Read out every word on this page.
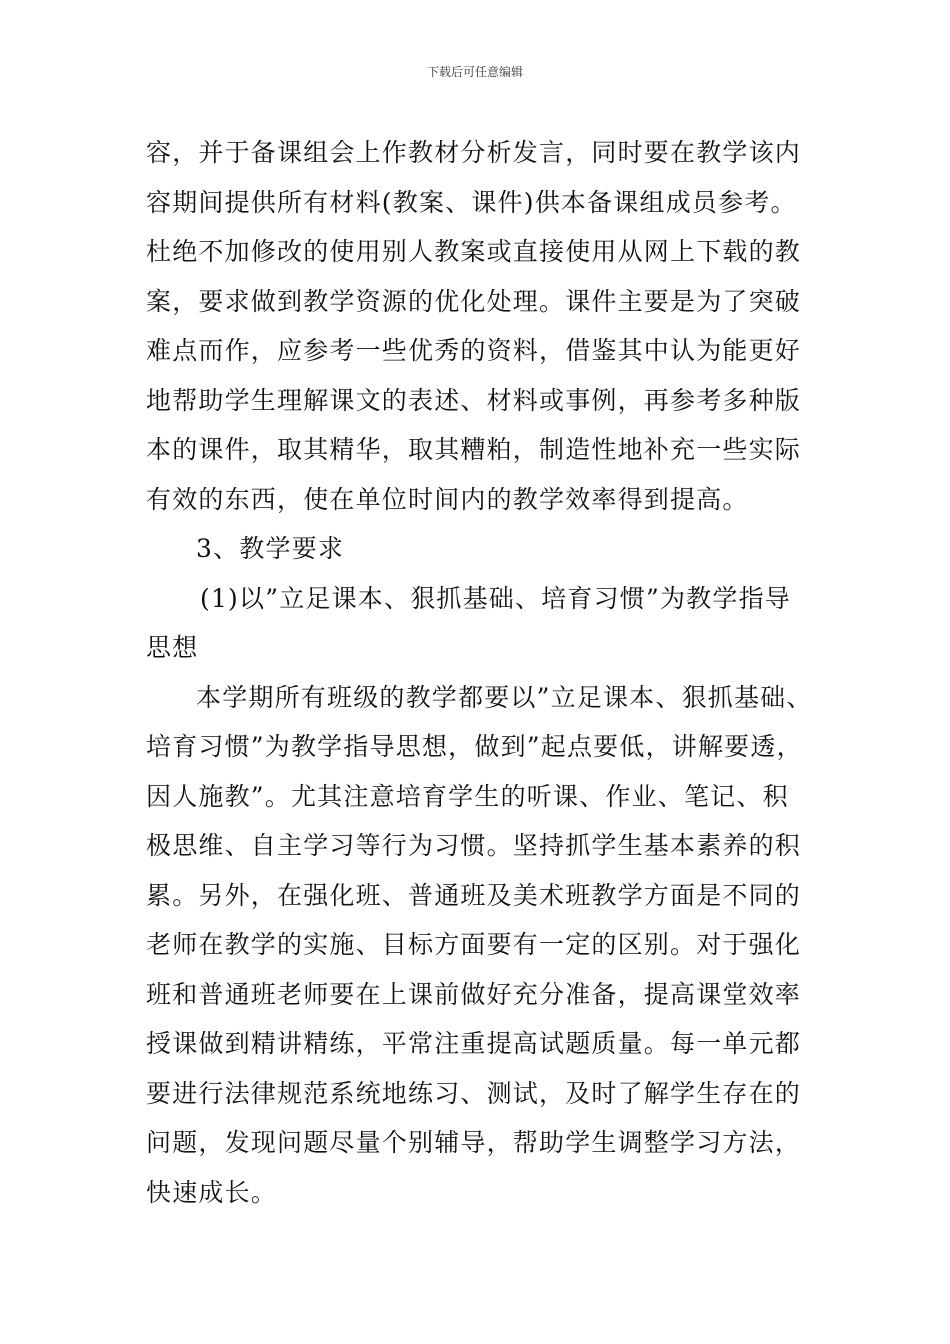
下载后可任意编辑
容，并于备课组会上作教材分析发言，同时要在教学该内
容期间提供所有材料(教案、课件)供本备课组成员参考。
杜绝不加修改的使用别人教案或直接使用从网上下载的教
案，要求做到教学资源的优化处理。课件主要是为了突破
难点而作，应参考一些优秀的资料，借鉴其中认为能更好
地帮助学生理解课文的表述、材料或事例，再参考多种版
本的课件，取其精华，取其糟粕，制造性地补充一些实际
有效的东西，使在单位时间内的教学效率得到提高。
3、教学要求
(1)以”立足课本、狠抓基础、培育习惯”为教学指导
思想
本学期所有班级的教学都要以”立足课本、狠抓基础、
培育习惯”为教学指导思想，做到”起点要低，讲解要透，
因人施教”。尤其注意培育学生的听课、作业、笔记、积
极思维、自主学习等行为习惯。坚持抓学生基本素养的积
累。另外，在强化班、普通班及美术班教学方面是不同的
老师在教学的实施、目标方面要有一定的区别。对于强化
班和普通班老师要在上课前做好充分准备，提高课堂效率
授课做到精讲精练，平常注重提高试题质量。每一单元都
要进行法律规范系统地练习、测试，及时了解学生存在的
问题，发现问题尽量个别辅导，帮助学生调整学习方法，
快速成长。
